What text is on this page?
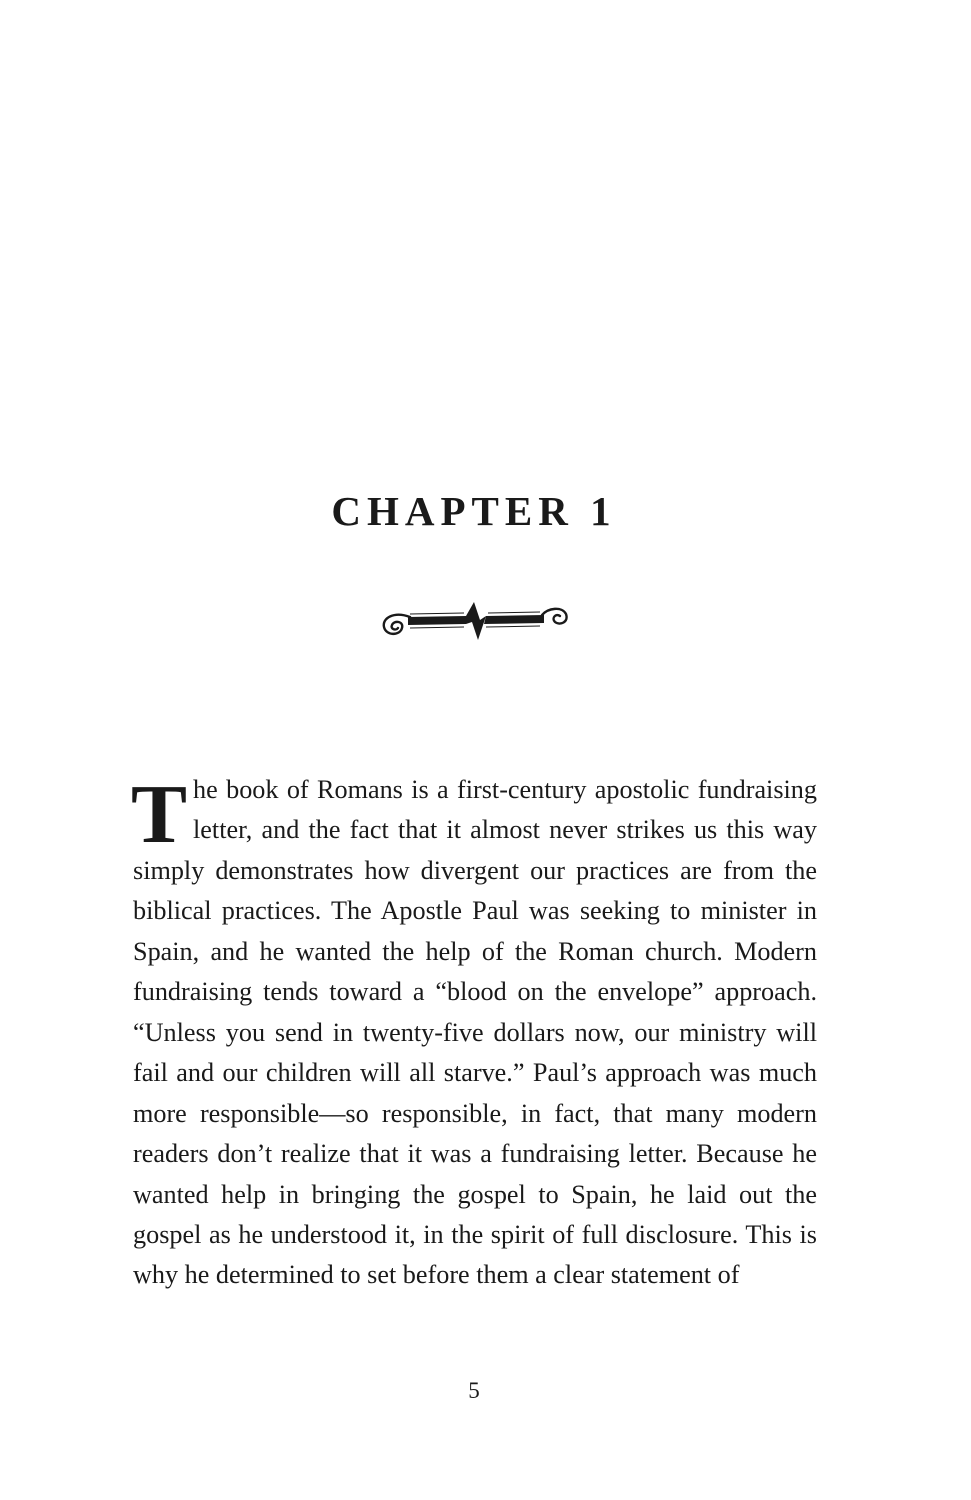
CHAPTER 1

The book of Romans is a first-century apostolic fundraising letter, and the fact that it almost never strikes us this way simply demonstrates how divergent our practices are from the biblical practices. The Apostle Paul was seeking to minister in Spain, and he wanted the help of the Roman church. Modern fundraising tends toward a “blood on the envelope” approach. “Unless you send in twenty-five dollars now, our ministry will fail and our children will all starve.” Paul’s approach was much more responsible—so responsible, in fact, that many modern readers don’t realize that it was a fundraising letter. Because he wanted help in bringing the gospel to Spain, he laid out the gospel as he understood it, in the spirit of full disclosure. This is why he determined to set before them a clear statement of

5
